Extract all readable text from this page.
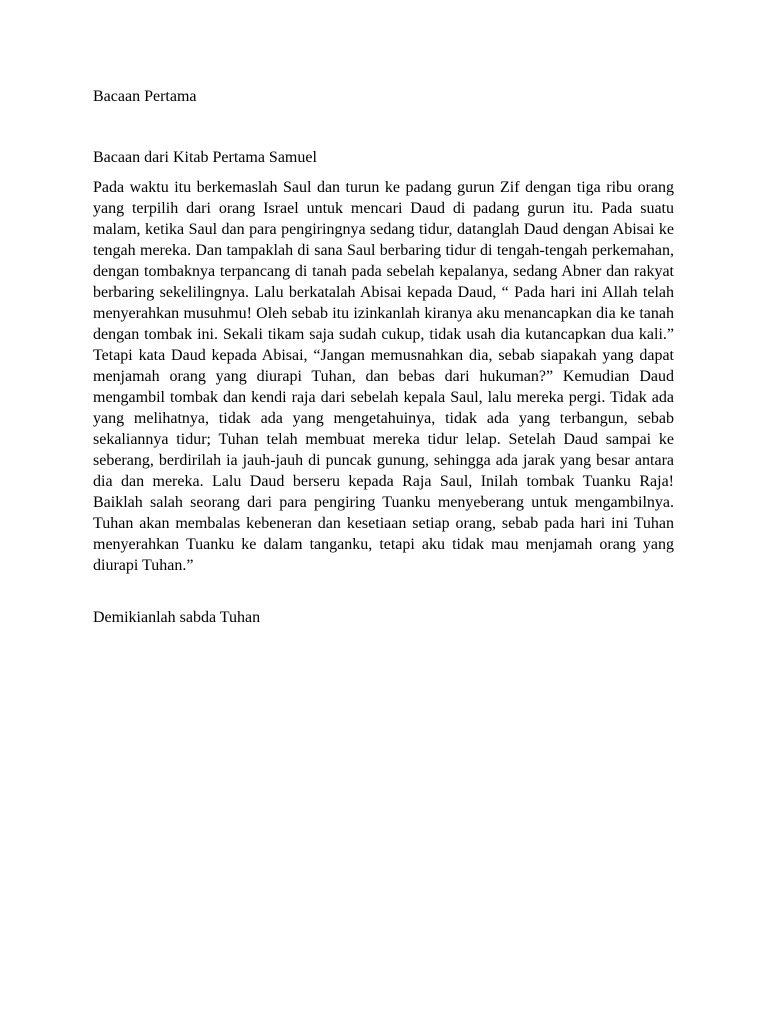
Bacaan Pertama

Bacaan dari Kitab Pertama Samuel

Pada waktu itu berkemaslah Saul dan turun ke padang gurun Zif dengan tiga ribu orang yang terpilih dari orang Israel untuk mencari Daud di padang gurun itu. Pada suatu malam, ketika Saul dan para pengiringnya sedang tidur, datanglah Daud dengan Abisai ke tengah mereka. Dan tampaklah di sana Saul berbaring tidur di tengah-tengah perkemahan, dengan tombaknya terpancang di tanah pada sebelah kepalanya, sedang Abner dan rakyat berbaring sekelilingnya. Lalu berkatalah Abisai kepada Daud, “ Pada hari ini Allah telah menyerahkan musuhmu! Oleh sebab itu izinkanlah kiranya aku menancapkan dia ke tanah dengan tombak ini. Sekali tikam saja sudah cukup, tidak usah dia kutancapkan dua kali.” Tetapi kata Daud kepada Abisai, “Jangan memusnahkan dia, sebab siapakah yang dapat menjamah orang yang diurapi Tuhan, dan bebas dari hukuman?” Kemudian Daud mengambil tombak dan kendi raja dari sebelah kepala Saul, lalu mereka pergi. Tidak ada yang melihatnya, tidak ada yang mengetahuinya, tidak ada yang terbangun, sebab sekaliannya tidur; Tuhan telah membuat mereka tidur lelap. Setelah Daud sampai ke seberang, berdirilah ia jauh-jauh di puncak gunung, sehingga ada jarak yang besar antara dia dan mereka. Lalu Daud berseru kepada Raja Saul, Inilah tombak Tuanku Raja! Baiklah salah seorang dari para pengiring Tuanku menyeberang untuk mengambilnya. Tuhan akan membalas kebeneran dan kesetiaan setiap orang, sebab pada hari ini Tuhan menyerahkan Tuanku ke dalam tanganku, tetapi aku tidak mau menjamah orang yang diurapi Tuhan.”

Demikianlah sabda Tuhan
